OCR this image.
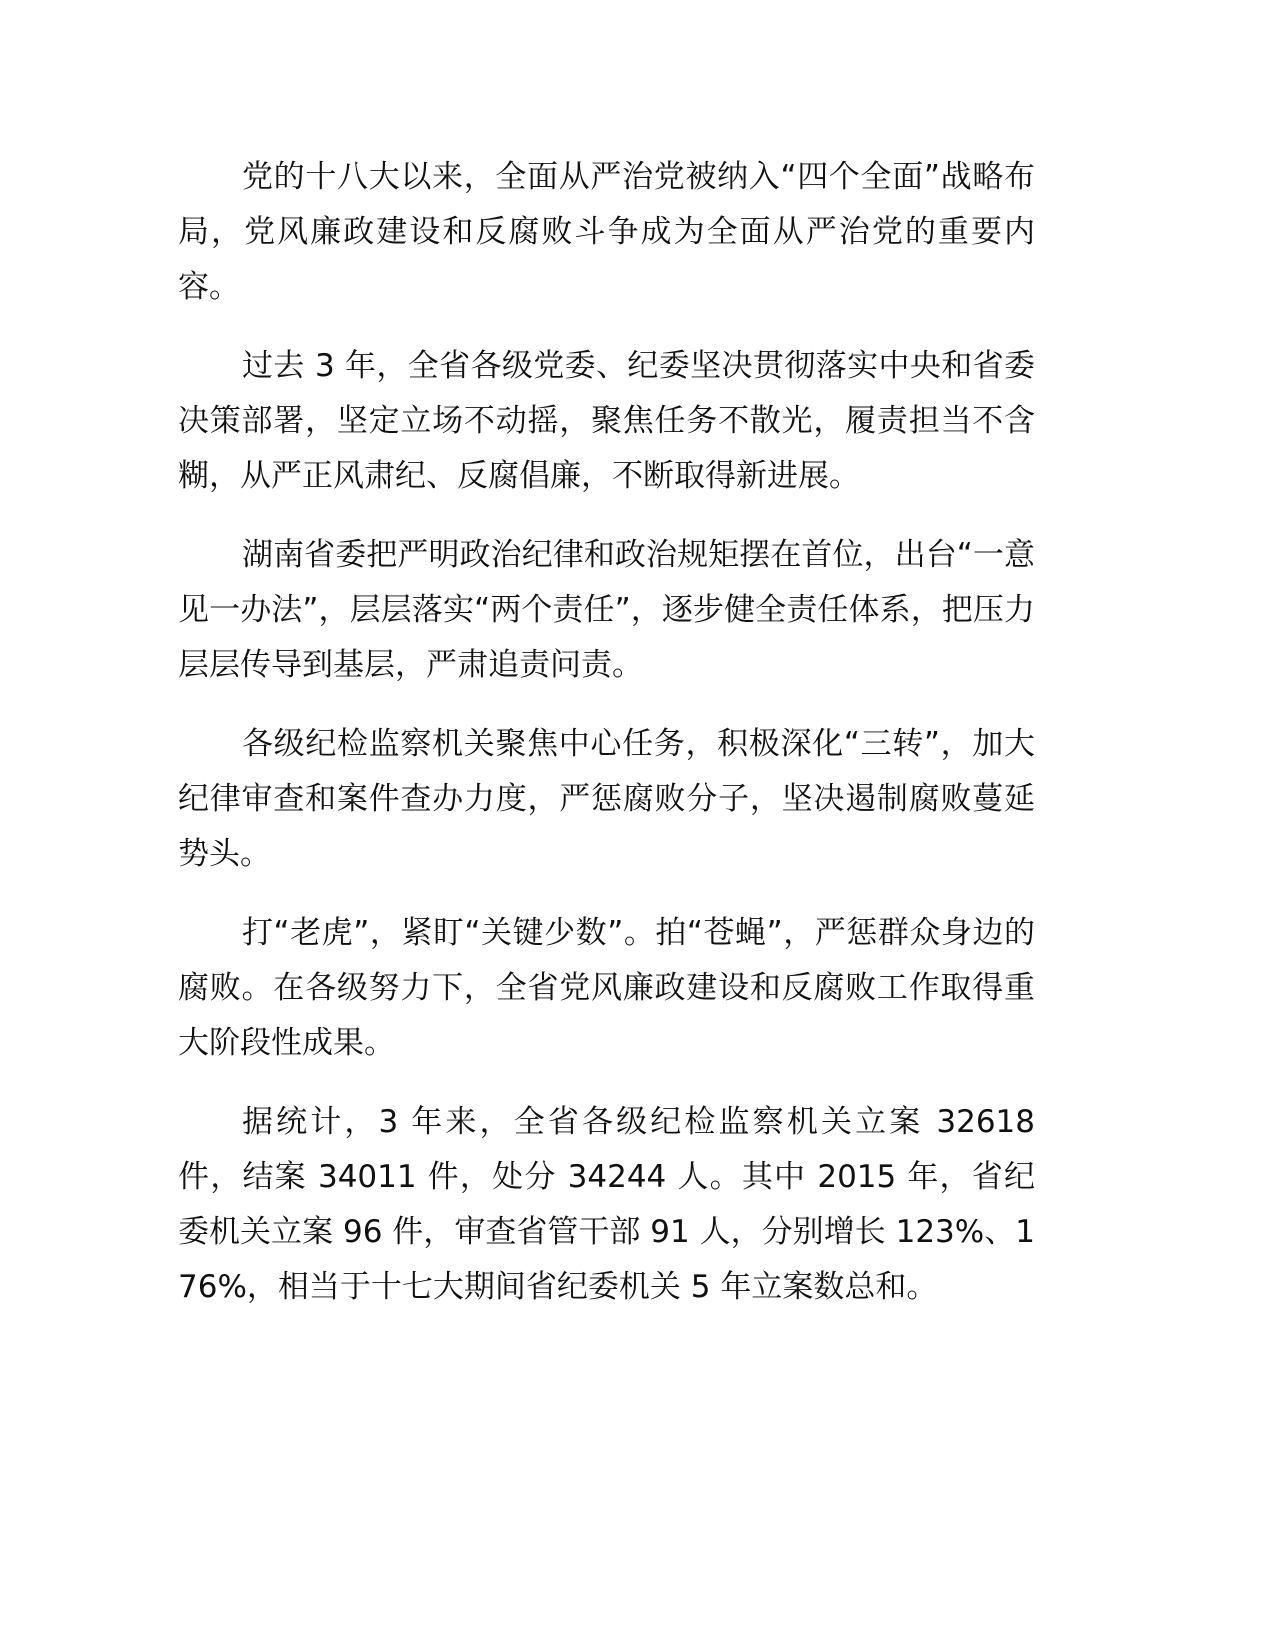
党的十八大以来，全面从严治党被纳入“四个全面”战略布局，党风廉政建设和反腐败斗争成为全面从严治党的重要内容。

过去 3 年，全省各级党委、纪委坚决贯彻落实中央和省委决策部署，坚定立场不动摇，聚焦任务不散光，履责担当不含糊，从严正风肃纪、反腐倡廉，不断取得新进展。

湖南省委把严明政治纪律和政治规矩摆在首位，出台“一意见一办法”，层层落实“两个责任”，逐步健全责任体系，把压力层层传导到基层，严肃追责问责。

各级纪检监察机关聚焦中心任务，积极深化“三转”，加大纪律审查和案件查办力度，严惩腐败分子，坚决遏制腐败蔓延势头。

打“老虎”，紧盯“关键少数”。拍“苍蝇”，严惩群众身边的腐败。在各级努力下，全省党风廉政建设和反腐败工作取得重大阶段性成果。

据统计，3 年来，全省各级纪检监察机关立案 32618 件，结案 34011 件，处分 34244 人。其中 2015 年，省纪委机关立案 96 件，审查省管干部 91 人，分别增长 123%、176%，相当于十七大期间省纪委机关 5 年立案数总和。
